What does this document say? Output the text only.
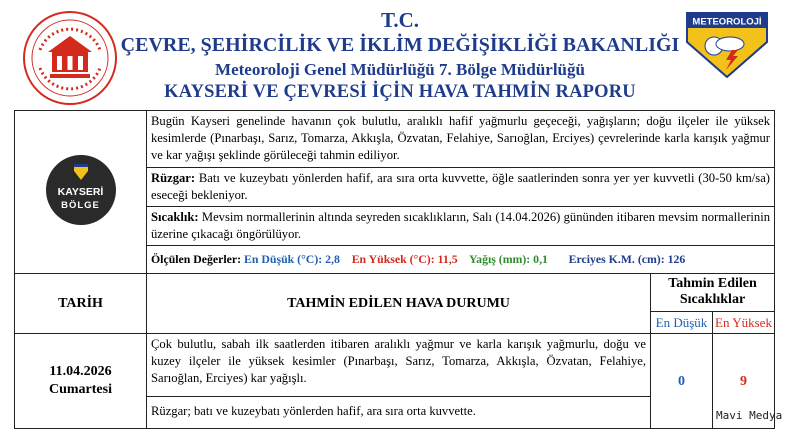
T.C.
ÇEVRE, ŞEHİRCİLİK VE İKLİM DEĞİŞİKLİĞİ BAKANLIĞI
Meteoroloji Genel Müdürlüğü 7. Bölge Müdürlüğü
KAYSERİ VE ÇEVRESİ İÇİN HAVA TAHMİN RAPORU
METEOROLOJİ
KAYSERİ
BÖLGE	Bugün Kayseri genelinde havanın çok bulutlu, aralıklı hafif yağmurlu geçeceği, yağışların; doğu ilçeler ile yüksek kesimlerde (Pınarbaşı, Sarız, Tomarza, Akkışla, Özvatan, Felahiye, Sarıoğlan, Erciyes) çevrelerinde karla karışık yağmur ve kar yağışı şeklinde görüleceği tahmin ediliyor.		
	Rüzgar: Batı ve kuzeybatı yönlerden hafif, ara sıra orta kuvvette, öğle saatlerinden sonra yer yer kuvvetli (30-50 km/sa) eseceği bekleniyor.		
	Sıcaklık: Mevsim normallerinin altında seyreden sıcaklıkların, Salı (14.04.2026) gününden itibaren mevsim normallerinin üzerine çıkacağı öngörülüyor.		
	Ölçülen Değerler: En Düşük (°C): 2,8 En Yüksek (°C): 11,5 Yağış (mm): 0,1 Erciyes K.M. (cm): 126		
TARİH	TAHMİN EDİLEN HAVA DURUMU	Tahmin Edilen Sıcaklıklar	
		En Düşük	En Yüksek

11.04.2026
Cumartesi	Çok bulutlu, sabah ilk saatlerden itibaren aralıklı yağmur ve karla karışık yağmurlu, doğu ve kuzey ilçeler ile yüksek kesimler (Pınarbaşı, Sarız, Tomarza, Akkışla, Özvatan, Felahiye, Sarıoğlan, Erciyes) kar yağışlı.	0	9
	Rüzgar; batı ve kuzeybatı yönlerden hafif, ara sıra orta kuvvette.			Mavi Medya
